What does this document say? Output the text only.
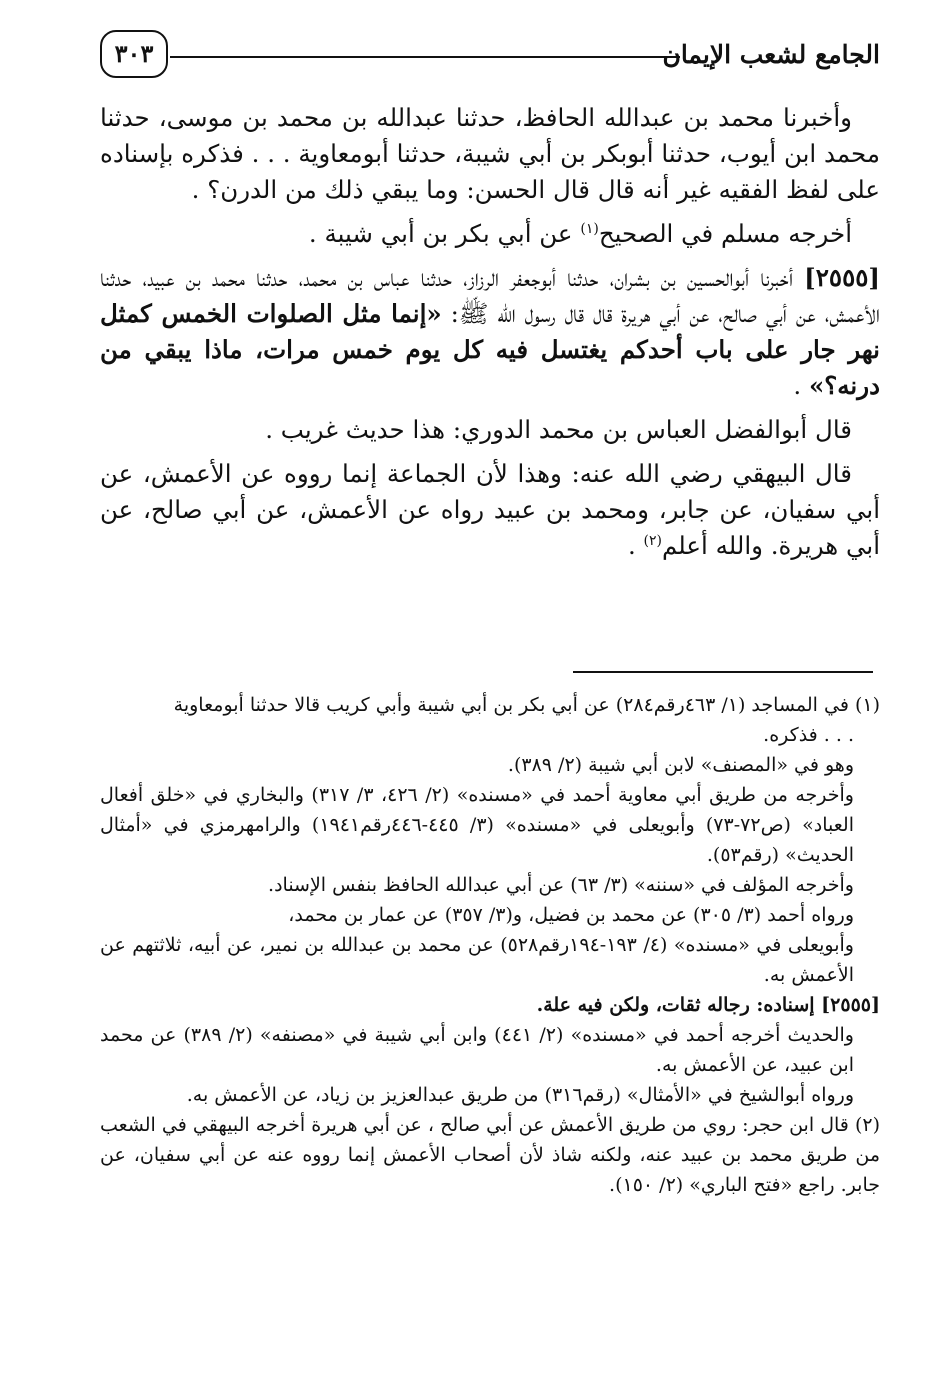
٣٠٣	الجامع لشعب الإيمان

وأخبرنا محمد بن عبدالله الحافظ، حدثنا عبدالله بن محمد بن موسى، حدثنا محمد ابن أيوب، حدثنا أبوبكر بن أبي شيبة، حدثنا أبومعاوية . . . فذكره بإسناده على لفظ الفقيه غير أنه قال قال الحسن: وما يبقي ذلك من الدرن؟ .

أخرجه مسلم في الصحيح$^{(١)}$ عن أبي بكر بن أبي شيبة .

[٢٥٥٥] أخبرنا أبوالحسين بن بشران، حدثنا أبوجعفر الرزاز، حدثنا عباس بن محمد، حدثنا محمد بن عبيد، حدثنا الأعمش، عن أبي صالح، عن أبي هريرة قال قال رسول الله ﷺ: «إنما مثل الصلوات الخمس كمثل نهر جار على باب أحدكم يغتسل فيه كل يوم خمس مرات، ماذا يبقي من درنه؟» .

قال أبوالفضل العباس بن محمد الدوري: هذا حديث غريب .

قال البيهقي رضي الله عنه: وهذا لأن الجماعة إنما رووه عن الأعمش، عن أبي سفيان، عن جابر، ومحمد بن عبيد رواه عن الأعمش، عن أبي صالح، عن أبي هريرة. والله أعلم$^{(٢)}$ .

(١) في المساجد (١/ ٤٦٣رقم٢٨٤) عن أبي بكر بن أبي شيبة وأبي كريب قالا حدثنا أبومعاوية

. . . فذكره.

وهو في «المصنف» لابن أبي شيبة (٢/ ٣٨٩).

وأخرجه من طريق أبي معاوية أحمد في «مسنده» (٢/ ٤٢٦، ٣/ ٣١٧) والبخاري في «خلق أفعال العباد» (ص٧٢-٧٣) وأبويعلى في «مسنده» (٣/ ٤٤٥-٤٤٦رقم١٩٤١) والرامهرمزي في «أمثال الحديث» (رقم٥٣).

وأخرجه المؤلف في «سننه» (٣/ ٦٣) عن أبي عبدالله الحافظ بنفس الإسناد.

ورواه أحمد (٣/ ٣٠٥) عن محمد بن فضيل، و(٣/ ٣٥٧) عن عمار بن محمد،

وأبويعلى في «مسنده» (٤/ ١٩٣-١٩٤رقم٥٢٨) عن محمد بن عبدالله بن نمير، عن أبيه، ثلاثتهم عن الأعمش به.

[٢٥٥٥] إسناده: رجاله ثقات، ولكن فيه علة.

والحديث أخرجه أحمد في «مسنده» (٢/ ٤٤١) وابن أبي شيبة في «مصنفه» (٢/ ٣٨٩) عن محمد ابن عبيد، عن الأعمش به.

ورواه أبوالشيخ في «الأمثال» (رقم٣١٦) من طريق عبدالعزيز بن زياد، عن الأعمش به.

(٢) قال ابن حجر: روي من طريق الأعمش عن أبي صالح ، عن أبي هريرة أخرجه البيهقي في الشعب من طريق محمد بن عبيد عنه، ولكنه شاذ لأن أصحاب الأعمش إنما رووه عنه عن أبي سفيان، عن جابر. راجع «فتح الباري» (٢/ ١٥٠).
